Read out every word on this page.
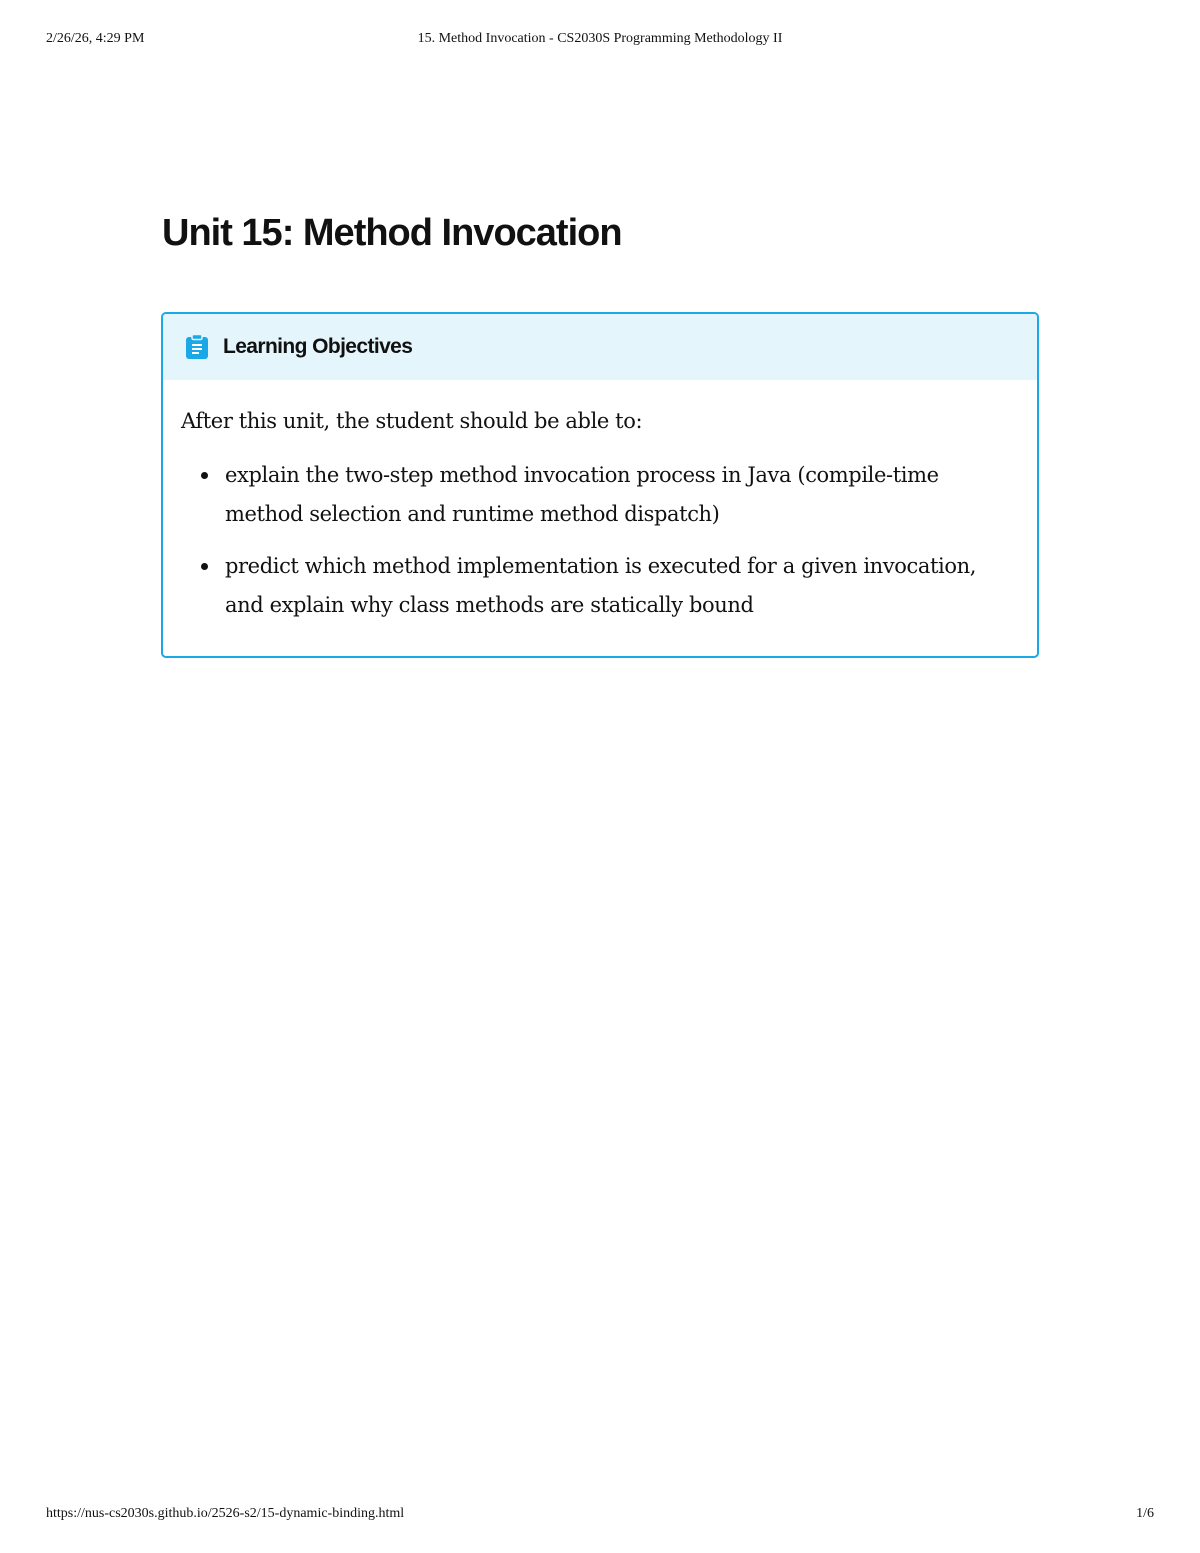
2/26/26, 4:29 PM	15. Method Invocation - CS2030S Programming Methodology II
Unit 15: Method Invocation
Learning Objectives

After this unit, the student should be able to:

explain the two-step method invocation process in Java (compile-time method selection and runtime method dispatch)
predict which method implementation is executed for a given invocation, and explain why class methods are statically bound
https://nus-cs2030s.github.io/2526-s2/15-dynamic-binding.html	1/6
